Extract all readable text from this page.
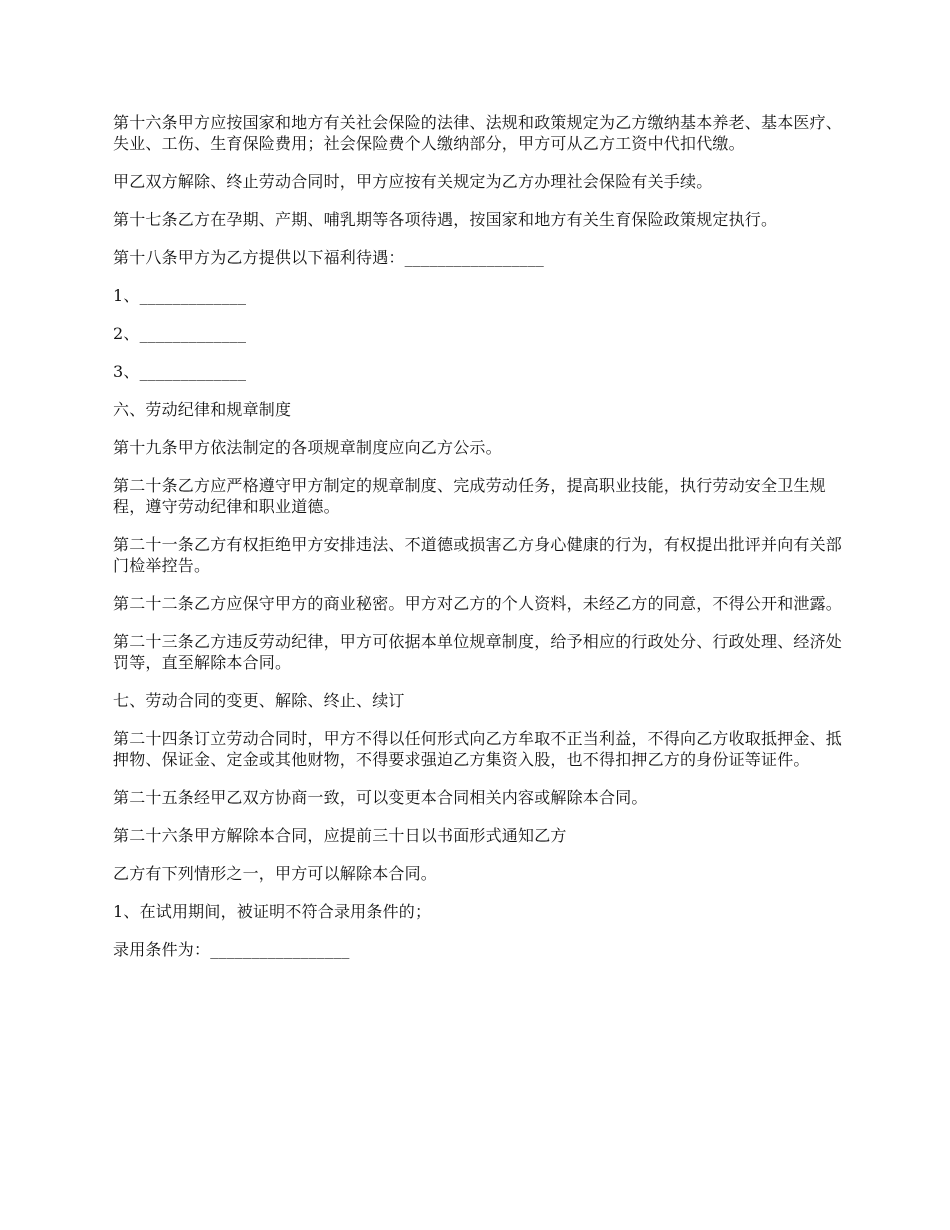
第十六条甲方应按国家和地方有关社会保险的法律、法规和政策规定为乙方缴纳基本养老、基本医疗、失业、工伤、生育保险费用；社会保险费个人缴纳部分，甲方可从乙方工资中代扣代缴。

甲乙双方解除、终止劳动合同时，甲方应按有关规定为乙方办理社会保险有关手续。

第十七条乙方在孕期、产期、哺乳期等各项待遇，按国家和地方有关生育保险政策规定执行。

第十八条甲方为乙方提供以下福利待遇：_________________

1、_____________

2、_____________

3、_____________

六、劳动纪律和规章制度

第十九条甲方依法制定的各项规章制度应向乙方公示。

第二十条乙方应严格遵守甲方制定的规章制度、完成劳动任务，提高职业技能，执行劳动安全卫生规程，遵守劳动纪律和职业道德。

第二十一条乙方有权拒绝甲方安排违法、不道德或损害乙方身心健康的行为，有权提出批评并向有关部门检举控告。

第二十二条乙方应保守甲方的商业秘密。甲方对乙方的个人资料，未经乙方的同意，不得公开和泄露。

第二十三条乙方违反劳动纪律，甲方可依据本单位规章制度，给予相应的行政处分、行政处理、经济处罚等，直至解除本合同。

七、劳动合同的变更、解除、终止、续订

第二十四条订立劳动合同时，甲方不得以任何形式向乙方牟取不正当利益，不得向乙方收取抵押金、抵押物、保证金、定金或其他财物，不得要求强迫乙方集资入股，也不得扣押乙方的身份证等证件。

第二十五条经甲乙双方协商一致，可以变更本合同相关内容或解除本合同。

第二十六条甲方解除本合同，应提前三十日以书面形式通知乙方

乙方有下列情形之一，甲方可以解除本合同。

1、在试用期间，被证明不符合录用条件的；

录用条件为：_________________
